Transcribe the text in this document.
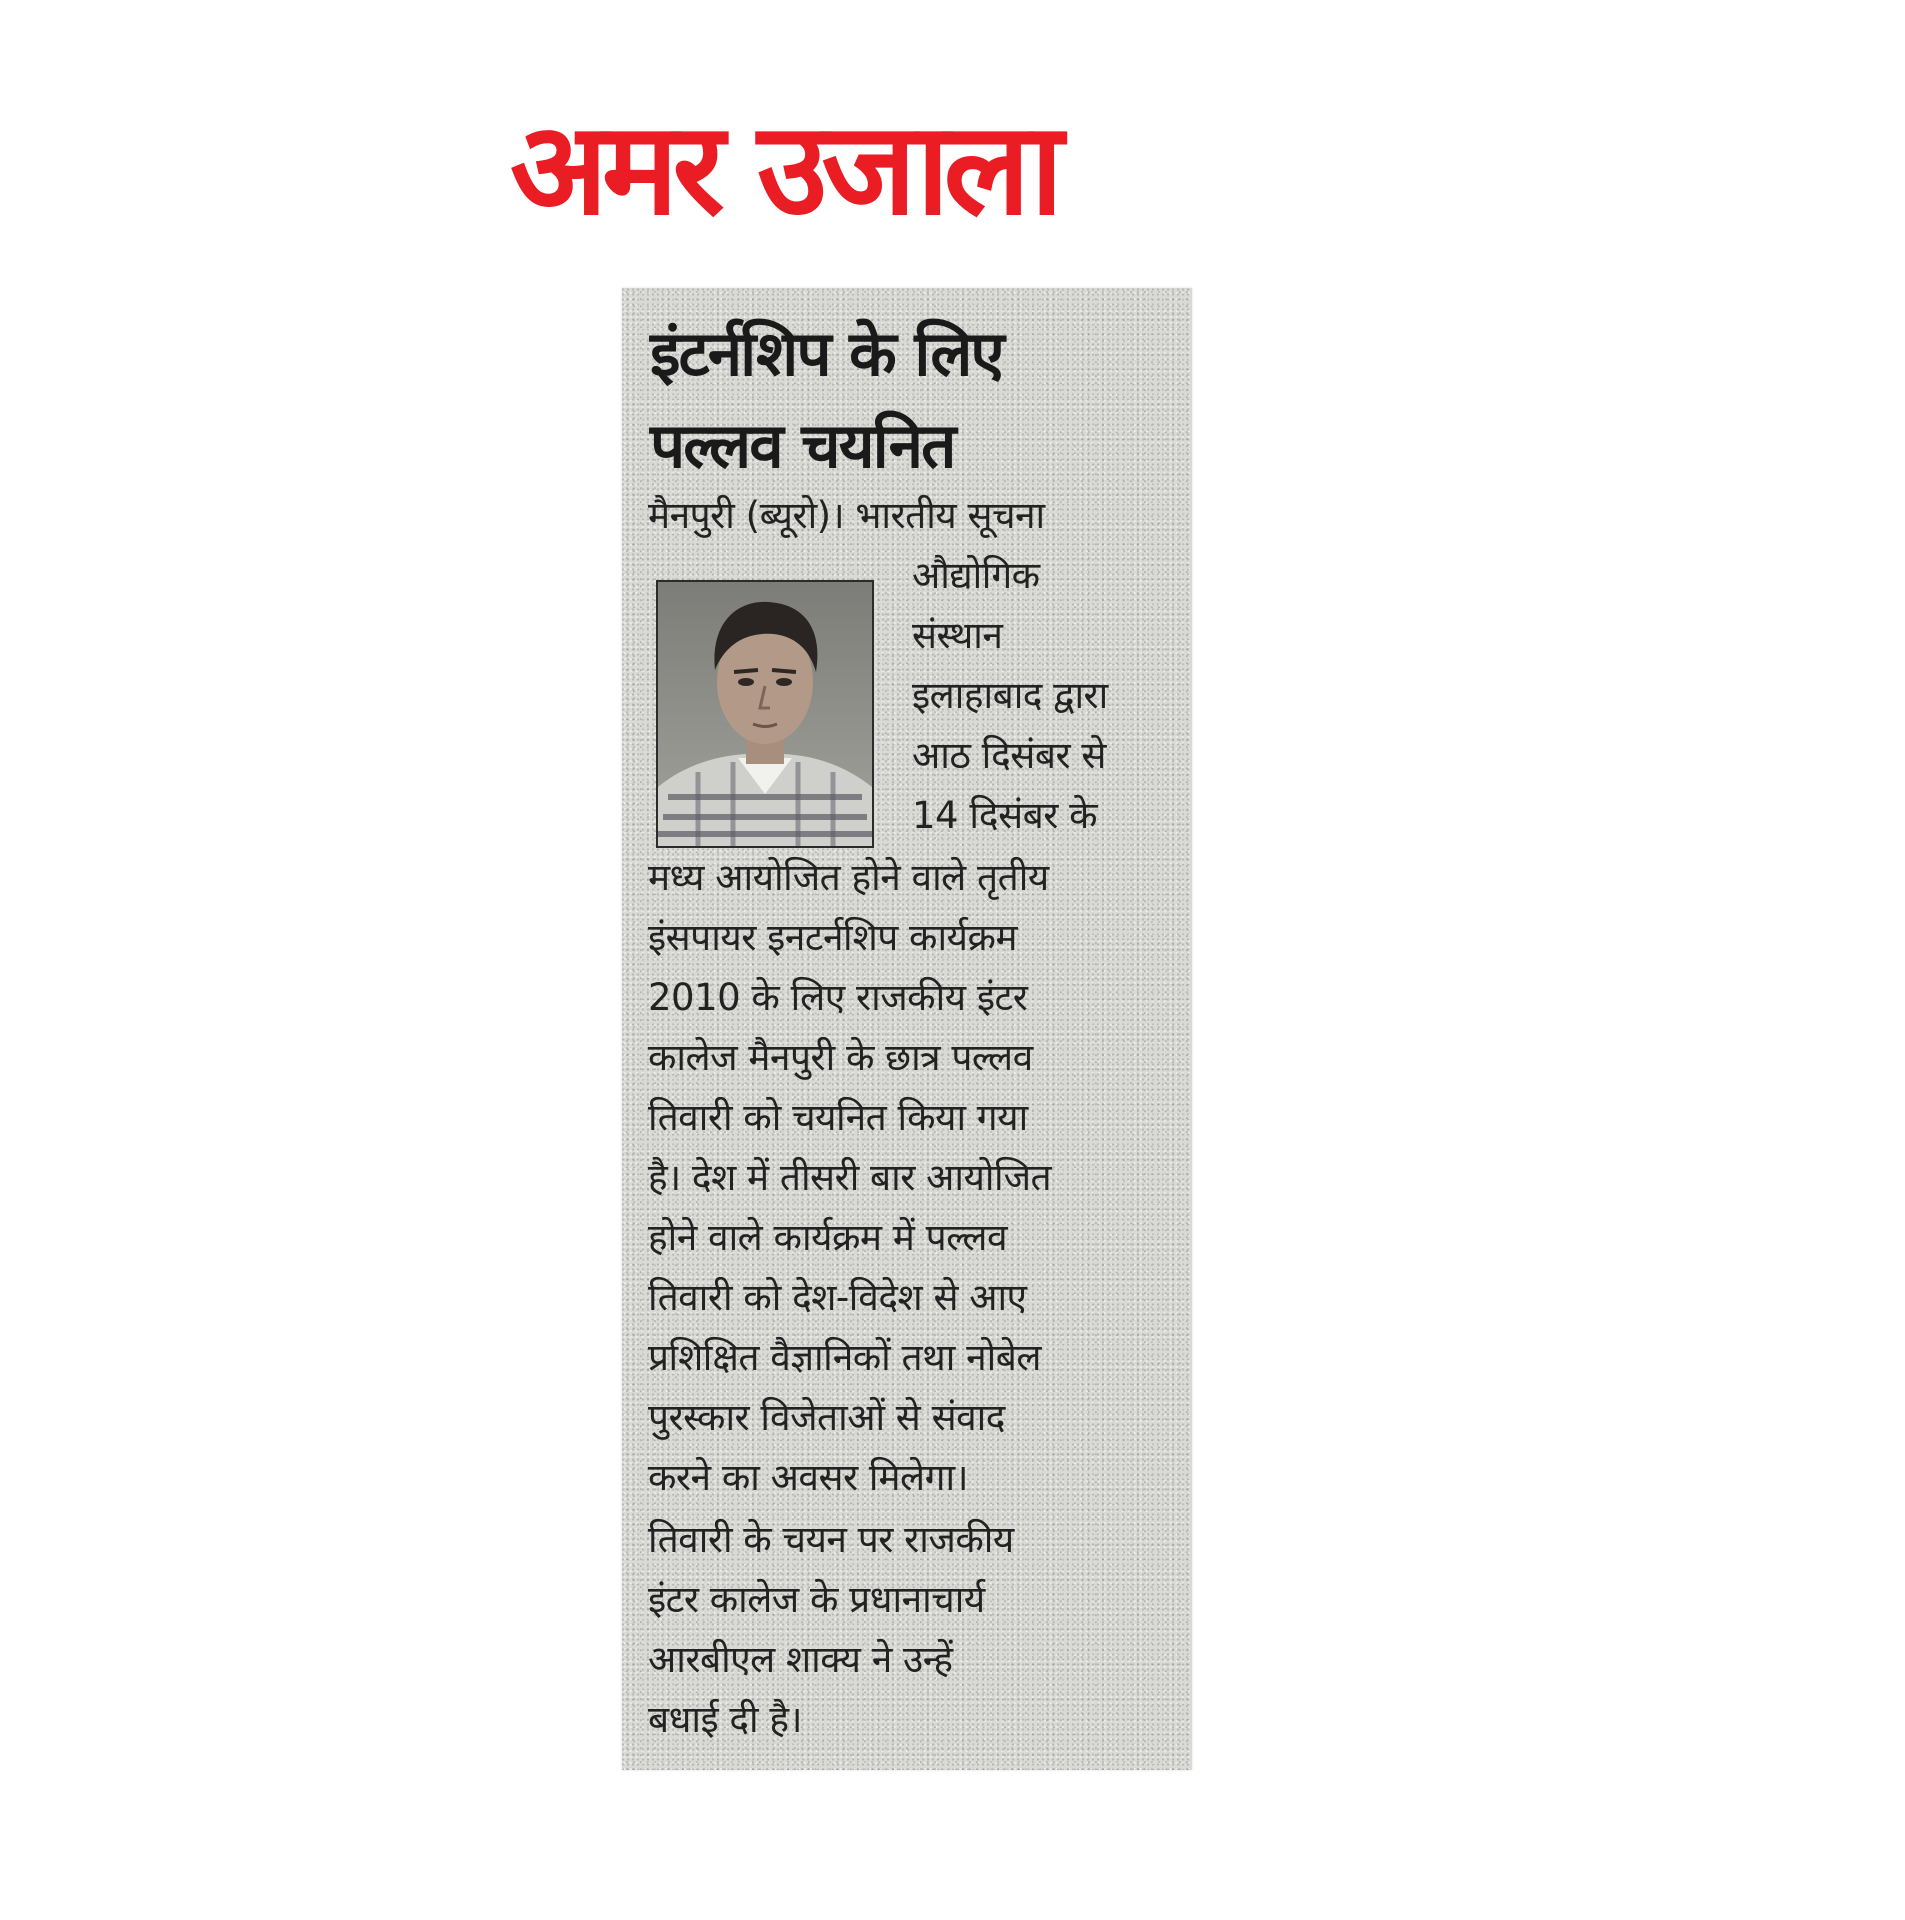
अमर उजाला
इंटर्नशिप के लिए
पल्लव चयनित
मैनपुरी (ब्यूरो)। भारतीय सूचना
औद्योगिक
संस्थान
इलाहाबाद द्वारा
आठ दिसंबर से
14 दिसंबर के
मध्य आयोजित होने वाले तृतीय
इंसपायर इनटर्नशिप कार्यक्रम
2010 के लिए राजकीय इंटर
कालेज मैनपुरी के छात्र पल्लव
तिवारी को चयनित किया गया
है। देश में तीसरी बार आयोजित
होने वाले कार्यक्रम में पल्लव
तिवारी को देश-विदेश से आए
प्रशिक्षित वैज्ञानिकों तथा नोबेल
पुरस्कार विजेताओं से संवाद
करने का अवसर मिलेगा।
तिवारी के चयन पर राजकीय
इंटर कालेज के प्रधानाचार्य
आरबीएल शाक्य ने उन्हें
बधाई दी है।
